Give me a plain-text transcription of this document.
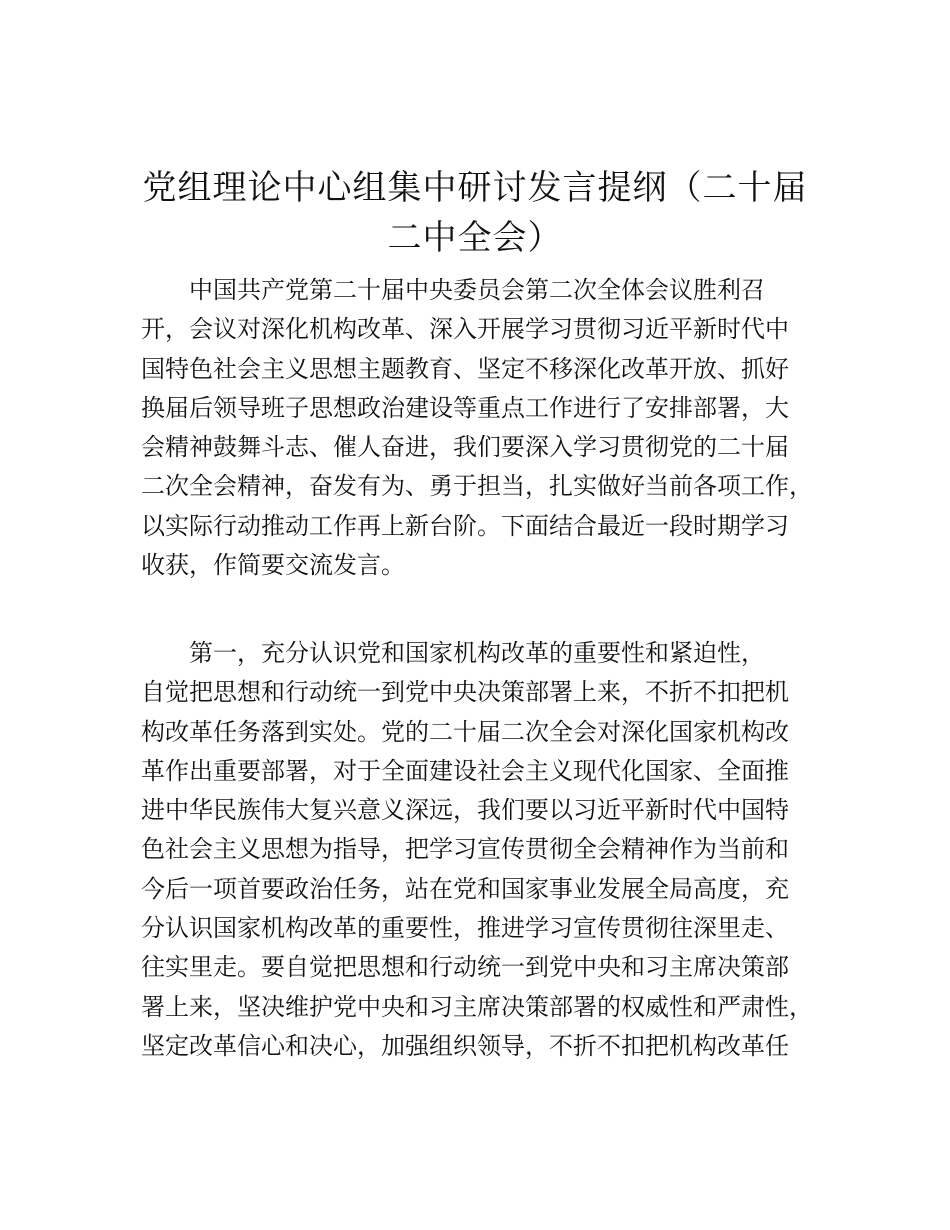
党组理论中心组集中研讨发言提纲（二十届
二中全会）
中国共产党第二十届中央委员会第二次全体会议胜利召
开，会议对深化机构改革、深入开展学习贯彻习近平新时代中
国特色社会主义思想主题教育、坚定不移深化改革开放、抓好
换届后领导班子思想政治建设等重点工作进行了安排部署，大
会精神鼓舞斗志、催人奋进，我们要深入学习贯彻党的二十届
二次全会精神，奋发有为、勇于担当，扎实做好当前各项工作，
以实际行动推动工作再上新台阶。下面结合最近一段时期学习
收获，作简要交流发言。
第一，充分认识党和国家机构改革的重要性和紧迫性，
自觉把思想和行动统一到党中央决策部署上来，不折不扣把机
构改革任务落到实处。党的二十届二次全会对深化国家机构改
革作出重要部署，对于全面建设社会主义现代化国家、全面推
进中华民族伟大复兴意义深远，我们要以习近平新时代中国特
色社会主义思想为指导，把学习宣传贯彻全会精神作为当前和
今后一项首要政治任务，站在党和国家事业发展全局高度，充
分认识国家机构改革的重要性，推进学习宣传贯彻往深里走、
往实里走。要自觉把思想和行动统一到党中央和习主席决策部
署上来，坚决维护党中央和习主席决策部署的权威性和严肃性，
坚定改革信心和决心，加强组织领导，不折不扣把机构改革任
